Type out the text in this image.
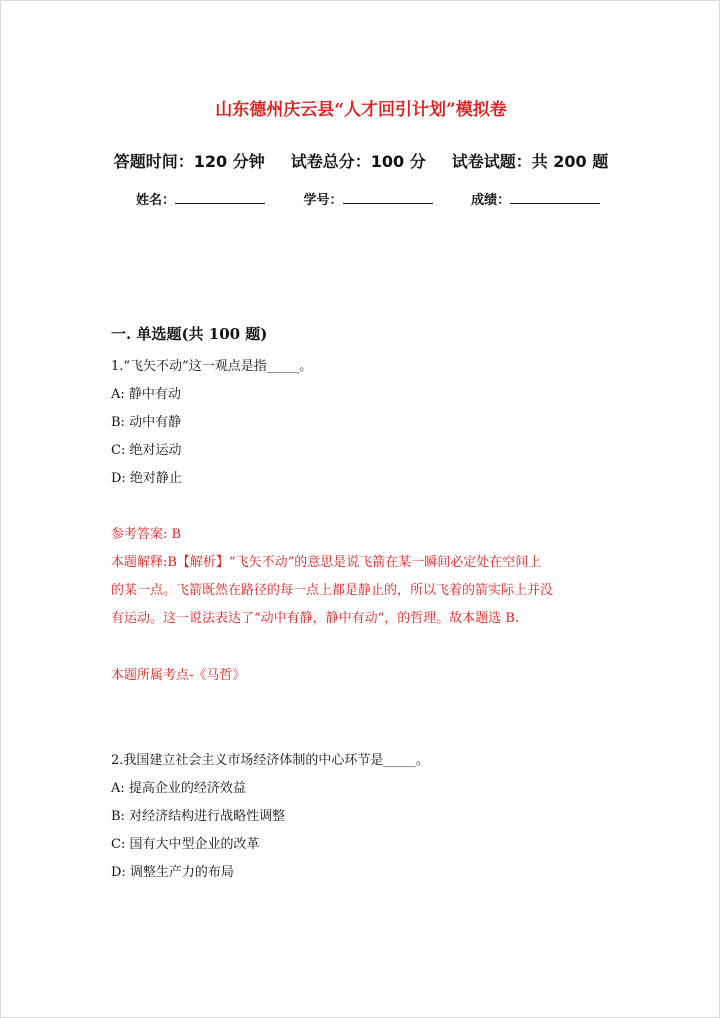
山东德州庆云县“人才回引计划”模拟卷
答题时间：120 分钟 试卷总分：100 分 试卷试题：共 200 题
姓名：	学号：	成绩：
一. 单选题(共 100 题)
1.“飞矢不动”这一观点是指_____。
A: 静中有动
B: 动中有静
C: 绝对运动
D: 绝对静止
参考答案: B
本题解释:B【解析】“飞矢不动”的意思是说飞箭在某一瞬间必定处在空间上
的某一点。飞箭既然在路径的每一点上都是静止的，所以飞着的箭实际上并没
有运动。这一说法表达了“动中有静，静中有动“，的哲理。故本题选 B.
本题所属考点-《马哲》
2.我国建立社会主义市场经济体制的中心环节是_____。
A: 提高企业的经济效益
B: 对经济结构进行战略性调整
C: 国有大中型企业的改革
D: 调整生产力的布局
